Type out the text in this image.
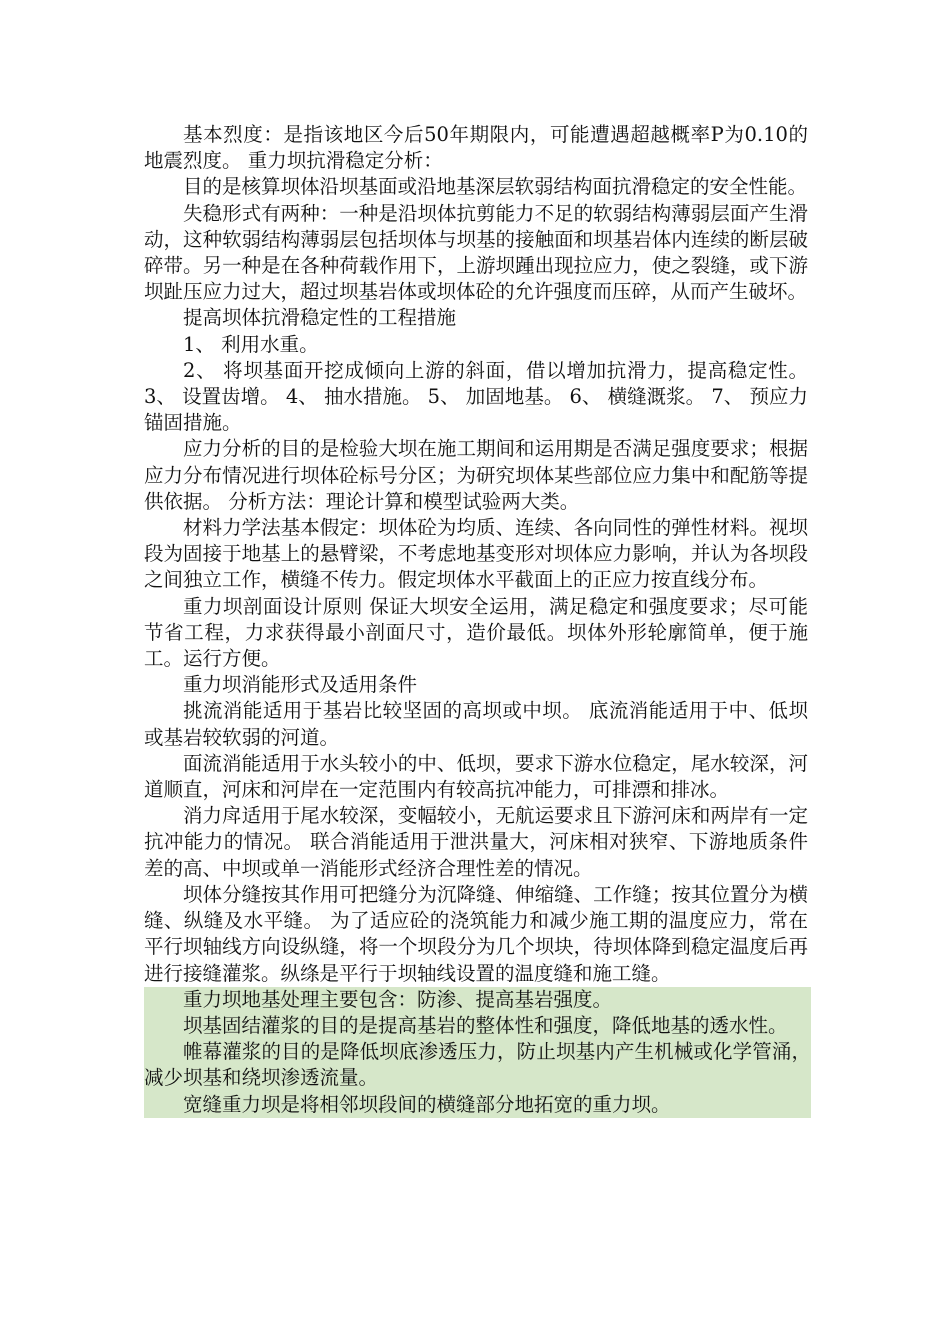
基本烈度：是指该地区今后50年期限内，可能遭遇超越概率P为0.10的地震烈度。 重力坝抗滑稳定分析：

目的是核算坝体沿坝基面或沿地基深层软弱结构面抗滑稳定的安全性能。

失稳形式有两种：一种是沿坝体抗剪能力不足的软弱结构薄弱层面产生滑动，这种软弱结构薄弱层包括坝体与坝基的接触面和坝基岩体内连续的断层破碎带。另一种是在各种荷载作用下，上游坝踵出现拉应力，使之裂缝，或下游坝趾压应力过大，超过坝基岩体或坝体砼的允许强度而压碎，从而产生破坏。

提高坝体抗滑稳定性的工程措施

1、 利用水重。

2、 将坝基面开挖成倾向上游的斜面，借以增加抗滑力，提高稳定性。 3、 设置齿增。 4、 抽水措施。 5、 加固地基。 6、 横缝溉浆。 7、 预应力锚固措施。

应力分析的目的是检验大坝在施工期间和运用期是否满足强度要求；根据应力分布情况进行坝体砼标号分区；为研究坝体某些部位应力集中和配筋等提供依据。 分析方法：理论计算和模型试验两大类。

材料力学法基本假定：坝体砼为均质、连续、各向同性的弹性材料。视坝段为固接于地基上的悬臂梁，不考虑地基变形对坝体应力影响，并认为各坝段之间独立工作，横缝不传力。假定坝体水平截面上的正应力按直线分布。

重力坝剖面设计原则 保证大坝安全运用，满足稳定和强度要求；尽可能节省工程，力求获得最小剖面尺寸，造价最低。坝体外形轮廓简单，便于施工。运行方便。

重力坝消能形式及适用条件

挑流消能适用于基岩比较坚固的高坝或中坝。 底流消能适用于中、低坝或基岩较软弱的河道。

面流消能适用于水头较小的中、低坝，要求下游水位稳定，尾水较深，河道顺直，河床和河岸在一定范围内有较高抗冲能力，可排漂和排冰。

消力戽适用于尾水较深，变幅较小，无航运要求且下游河床和两岸有一定抗冲能力的情况。 联合消能适用于泄洪量大，河床相对狭窄、下游地质条件差的高、中坝或单一消能形式经济合理性差的情况。

坝体分缝按其作用可把缝分为沉降缝、伸缩缝、工作缝；按其位置分为横缝、纵缝及水平缝。 为了适应砼的浇筑能力和减少施工期的温度应力，常在平行坝轴线方向设纵缝，将一个坝段分为几个坝块，待坝体降到稳定温度后再进行接缝灌浆。纵绦是平行于坝轴线设置的温度缝和施工缝。

重力坝地基处理主要包含：防渗、提高基岩强度。

坝基固结灌浆的目的是提高基岩的整体性和强度，降低地基的透水性。

帷幕灌浆的目的是降低坝底渗透压力，防止坝基内产生机械或化学管涌，减少坝基和绕坝渗透流量。

宽缝重力坝是将相邻坝段间的横缝部分地拓宽的重力坝。
